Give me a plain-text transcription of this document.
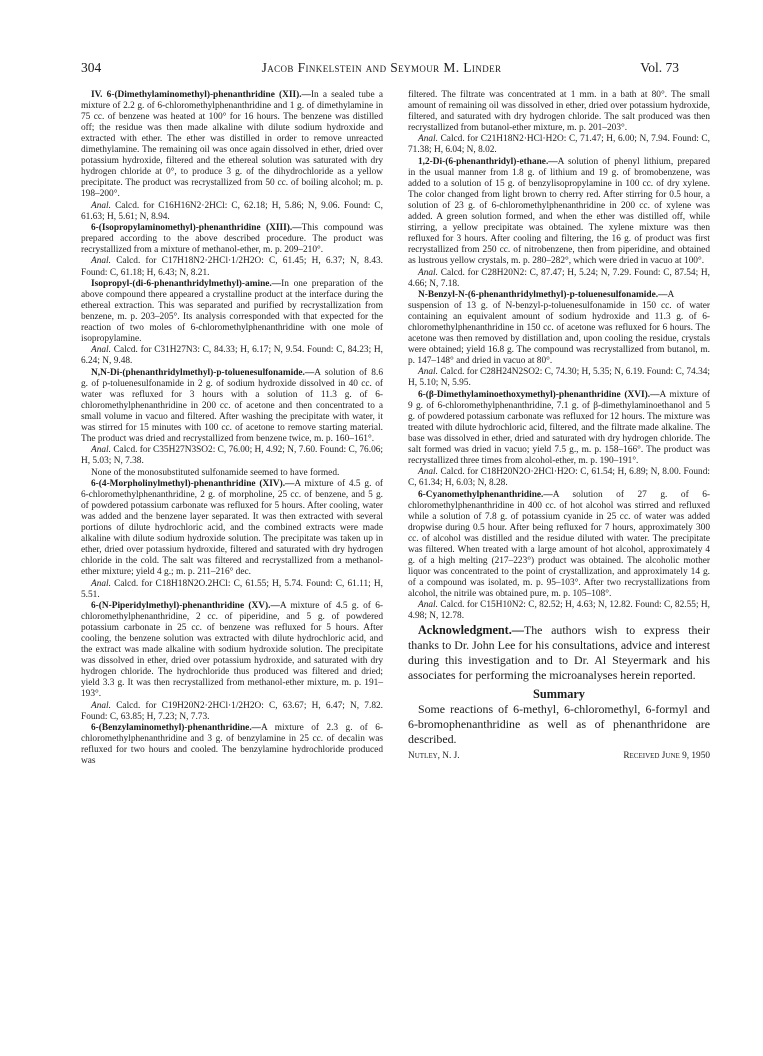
304	Jacob Finkelstein and Seymour M. Linder	Vol. 73

IV. 6-(Dimethylaminomethyl)-phenanthridine (XII).—In a sealed tube a mixture of 2.2 g. of 6-chloromethylphenanthridine and 1 g. of dimethylamine in 75 cc. of benzene was heated at 100° for 16 hours. The benzene was distilled off; the residue was then made alkaline with dilute sodium hydroxide and extracted with ether. The ether was distilled in order to remove unreacted dimethylamine. The remaining oil was once again dissolved in ether, dried over potassium hydroxide, filtered and the ethereal solution was saturated with dry hydrogen chloride at 0°, to produce 3 g. of the dihydrochloride as a yellow precipitate. The product was recrystallized from 50 cc. of boiling alcohol; m. p. 198–200°.

Anal. Calcd. for C16H16N2·2HCl: C, 62.18; H, 5.86; N, 9.06. Found: C, 61.63; H, 5.61; N, 8.94.

6-(Isopropylaminomethyl)-phenanthridine (XIII).—This compound was prepared according to the above described procedure. The product was recrystallized from a mixture of methanol-ether, m. p. 209–210°.

Anal. Calcd. for C17H18N2·2HCl·1/2H2O: C, 61.45; H, 6.37; N, 8.43. Found: C, 61.18; H, 6.43; N, 8.21.

Isopropyl-(di-6-phenanthridylmethyl)-amine.—In one preparation of the above compound there appeared a crystalline product at the interface during the ethereal extraction. This was separated and purified by recrystallization from benzene, m. p. 203–205°. Its analysis corresponded with that expected for the reaction of two moles of 6-chloromethylphenanthridine with one mole of isopropylamine.

Anal. Calcd. for C31H27N3: C, 84.33; H, 6.17; N, 9.54. Found: C, 84.23; H, 6.24; N, 9.48.

N,N-Di-(phenanthridylmethyl)-p-toluenesulfonamide.—A solution of 8.6 g. of p-toluenesulfonamide in 2 g. of sodium hydroxide dissolved in 40 cc. of water was refluxed for 3 hours with a solution of 11.3 g. of 6-chloromethylphenanthridine in 200 cc. of acetone and then concentrated to a small volume in vacuo and filtered. After washing the precipitate with water, it was stirred for 15 minutes with 100 cc. of acetone to remove starting material. The product was dried and recrystallized from benzene twice, m. p. 160–161°.

Anal. Calcd. for C35H27N3SO2: C, 76.00; H, 4.92; N, 7.60. Found: C, 76.06; H, 5.03; N, 7.38.

None of the monosubstituted sulfonamide seemed to have formed.

6-(4-Morpholinylmethyl)-phenanthridine (XIV).—A mixture of 4.5 g. of 6-chloromethylphenanthridine, 2 g. of morpholine, 25 cc. of benzene, and 5 g. of powdered potassium carbonate was refluxed for 5 hours. After cooling, water was added and the benzene layer separated. It was then extracted with several portions of dilute hydrochloric acid, and the combined extracts were made alkaline with dilute sodium hydroxide solution. The precipitate was taken up in ether, dried over potassium hydroxide, filtered and saturated with dry hydrogen chloride in the cold. The salt was filtered and recrystallized from a methanol-ether mixture; yield 4 g.; m. p. 211–216° dec.

Anal. Calcd. for C18H18N2O.2HCl: C, 61.55; H, 5.74. Found: C, 61.11; H, 5.51.

6-(N-Piperidylmethyl)-phenanthridine (XV).—A mixture of 4.5 g. of 6-chloromethylphenanthridine, 2 cc. of piperidine, and 5 g. of powdered potassium carbonate in 25 cc. of benzene was refluxed for 5 hours. After cooling, the benzene solution was extracted with dilute hydrochloric acid, and the extract was made alkaline with sodium hydroxide solution. The precipitate was dissolved in ether, dried over potassium hydroxide, and saturated with dry hydrogen chloride. The hydrochloride thus produced was filtered and dried; yield 3.3 g. It was then recrystallized from methanol-ether mixture, m. p. 191–193°.

Anal. Calcd. for C19H20N2·2HCl·1/2H2O: C, 63.67; H, 6.47; N, 7.82. Found: C, 63.85; H, 7.23; N, 7.73.

6-(Benzylaminomethyl)-phenanthridine.—A mixture of 2.3 g. of 6-chloromethylphenanthridine and 3 g. of benzylamine in 25 cc. of decalin was refluxed for two hours and cooled. The benzylamine hydrochloride produced was

filtered. The filtrate was concentrated at 1 mm. in a bath at 80°. The small amount of remaining oil was dissolved in ether, dried over potassium hydroxide, filtered, and saturated with dry hydrogen chloride. The salt produced was then recrystallized from butanol-ether mixture, m. p. 201–203°.

Anal. Calcd. for C21H18N2·HCl·H2O: C, 71.47; H, 6.00; N, 7.94. Found: C, 71.38; H, 6.04; N, 8.02.

1,2-Di-(6-phenanthridyl)-ethane.—A solution of phenyl lithium, prepared in the usual manner from 1.8 g. of lithium and 19 g. of bromobenzene, was added to a solution of 15 g. of benzylisopropylamine in 100 cc. of dry xylene. The color changed from light brown to cherry red. After stirring for 0.5 hour, a solution of 23 g. of 6-chloromethylphenanthridine in 200 cc. of xylene was added. A green solution formed, and when the ether was distilled off, while stirring, a yellow precipitate was obtained. The xylene mixture was then refluxed for 3 hours. After cooling and filtering, the 16 g. of product was first recrystallized from 250 cc. of nitrobenzene, then from piperidine, and obtained as lustrous yellow crystals, m. p. 280–282°, which were dried in vacuo at 100°.

Anal. Calcd. for C28H20N2: C, 87.47; H, 5.24; N, 7.29. Found: C, 87.54; H, 4.66; N, 7.18.

N-Benzyl-N-(6-phenanthridylmethyl)-p-toluenesulfonamide.—A suspension of 13 g. of N-benzyl-p-toluenesulfonamide in 150 cc. of water containing an equivalent amount of sodium hydroxide and 11.3 g. of 6-chloromethylphenanthridine in 150 cc. of acetone was refluxed for 6 hours. The acetone was then removed by distillation and, upon cooling the residue, crystals were obtained; yield 16.8 g. The compound was recrystallized from butanol, m. p. 147–148° and dried in vacuo at 80°.

Anal. Calcd. for C28H24N2SO2: C, 74.30; H, 5.35; N, 6.19. Found: C, 74.34; H, 5.10; N, 5.95.

6-(β-Dimethylaminoethoxymethyl)-phenanthridine (XVI).—A mixture of 9 g. of 6-chloromethylphenanthridine, 7.1 g. of β-dimethylaminoethanol and 5 g. of powdered potassium carbonate was refluxed for 12 hours. The mixture was treated with dilute hydrochloric acid, filtered, and the filtrate made alkaline. The base was dissolved in ether, dried and saturated with dry hydrogen chloride. The salt formed was dried in vacuo; yield 7.5 g., m. p. 158–166°. The product was recrystallized three times from alcohol-ether, m. p. 190–191°.

Anal. Calcd. for C18H20N2O·2HCl·H2O: C, 61.54; H, 6.89; N, 8.00. Found: C, 61.34; H, 6.03; N, 8.28.

6-Cyanomethylphenanthridine.—A solution of 27 g. of 6-chloromethylphenanthridine in 400 cc. of hot alcohol was stirred and refluxed while a solution of 7.8 g. of potassium cyanide in 25 cc. of water was added dropwise during 0.5 hour. After being refluxed for 7 hours, approximately 300 cc. of alcohol was distilled and the residue diluted with water. The precipitate was filtered. When treated with a large amount of hot alcohol, approximately 4 g. of a high melting (217–223°) product was obtained. The alcoholic mother liquor was concentrated to the point of crystallization, and approximately 14 g. of a compound was isolated, m. p. 95–103°. After two recrystallizations from alcohol, the nitrile was obtained pure, m. p. 105–108°.

Anal. Calcd. for C15H10N2: C, 82.52; H, 4.63; N, 12.82. Found: C, 82.55; H, 4.98; N, 12.78.

Acknowledgment.—The authors wish to express their thanks to Dr. John Lee for his consultations, advice and interest during this investigation and to Dr. Al Steyermark and his associates for performing the microanalyses herein reported.

Summary

Some reactions of 6-methyl, 6-chloromethyl, 6-formyl and 6-bromophenanthridine as well as of phenanthridone are described.

Nutley, N. J.	Received June 9, 1950
